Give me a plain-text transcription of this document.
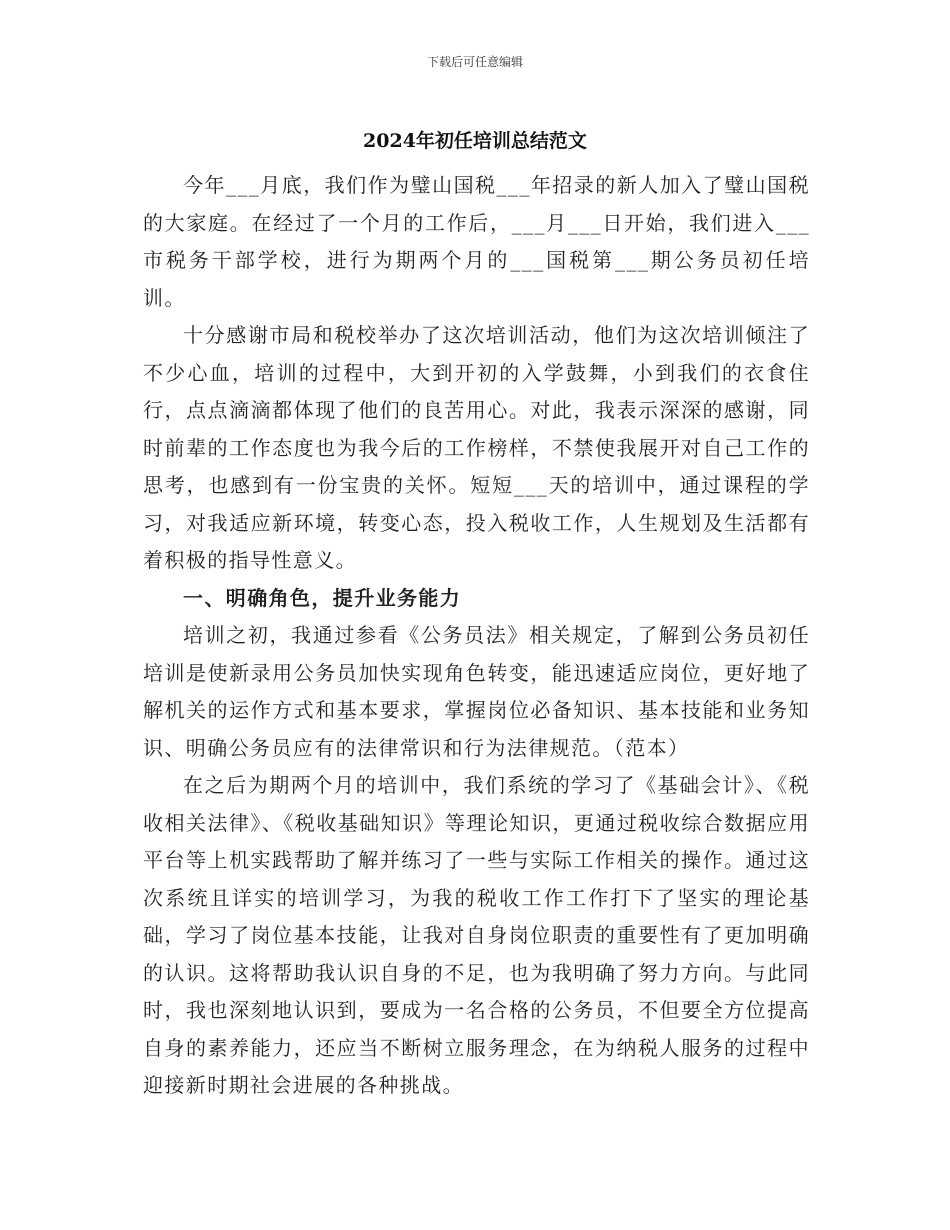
下载后可任意编辑
2024年初任培训总结范文

今年___月底，我们作为璧山国税___年招录的新人加入了璧山国税的大家庭。在经过了一个月的工作后，___月___日开始，我们进入___市税务干部学校，进行为期两个月的___国税第___期公务员初任培训。

十分感谢市局和税校举办了这次培训活动，他们为这次培训倾注了不少心血，培训的过程中，大到开初的入学鼓舞，小到我们的衣食住行，点点滴滴都体现了他们的良苦用心。对此，我表示深深的感谢，同时前辈的工作态度也为我今后的工作榜样，不禁使我展开对自己工作的思考，也感到有一份宝贵的关怀。短短___天的培训中，通过课程的学习，对我适应新环境，转变心态，投入税收工作，人生规划及生活都有着积极的指导性意义。

一、明确角色，提升业务能力

培训之初，我通过参看《公务员法》相关规定，了解到公务员初任培训是使新录用公务员加快实现角色转变，能迅速适应岗位，更好地了解机关的运作方式和基本要求，掌握岗位必备知识、基本技能和业务知识、明确公务员应有的法律常识和行为法律规范。（范本）

在之后为期两个月的培训中，我们系统的学习了《基础会计》、《税收相关法律》、《税收基础知识》等理论知识，更通过税收综合数据应用平台等上机实践帮助了解并练习了一些与实际工作相关的操作。通过这次系统且详实的培训学习，为我的税收工作工作打下了坚实的理论基础，学习了岗位基本技能，让我对自身岗位职责的重要性有了更加明确的认识。这将帮助我认识自身的不足，也为我明确了努力方向。与此同时，我也深刻地认识到，要成为一名合格的公务员，不但要全方位提高自身的素养能力，还应当不断树立服务理念，在为纳税人服务的过程中迎接新时期社会进展的各种挑战。
